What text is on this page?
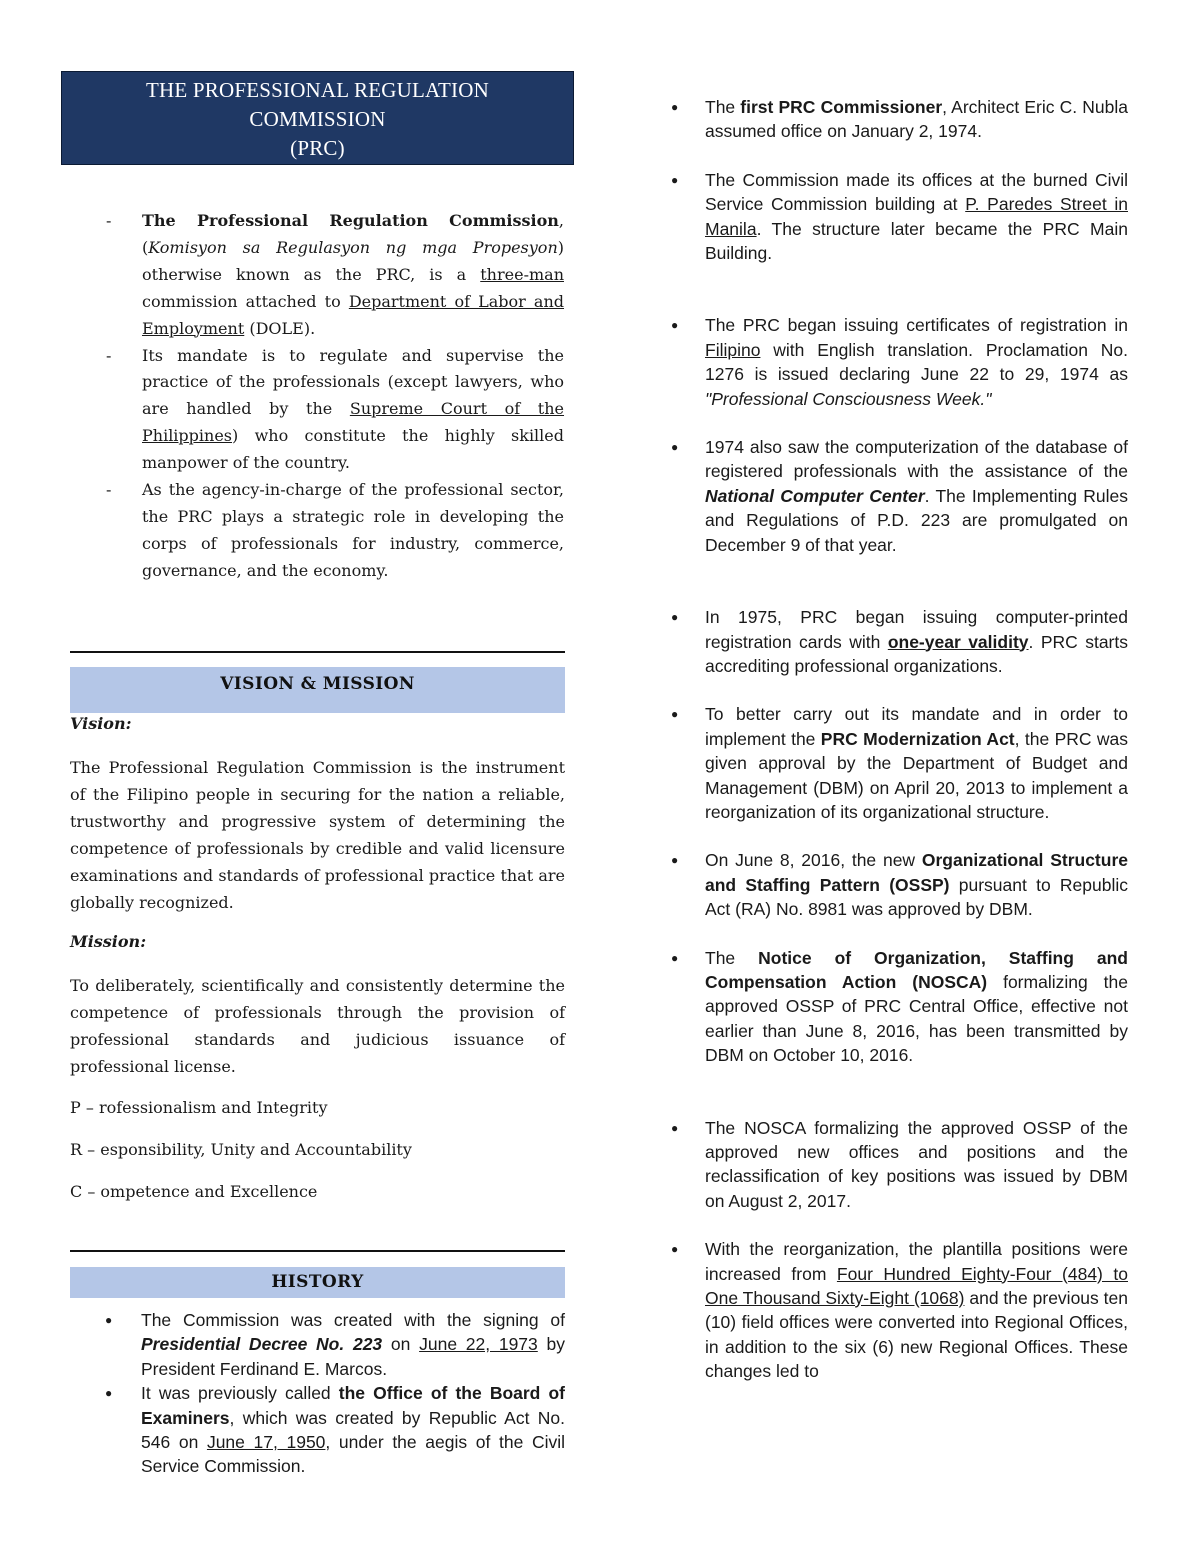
THE PROFESSIONAL REGULATION
COMMISSION
(PRC)
- The Professional Regulation Commission, (Komisyon sa Regulasyon ng mga Propesyon) otherwise known as the PRC, is a three-man commission attached to Department of Labor and Employment (DOLE).
- Its mandate is to regulate and supervise the practice of the professionals (except lawyers, who are handled by the Supreme Court of the Philippines) who constitute the highly skilled manpower of the country.
- As the agency-in-charge of the professional sector, the PRC plays a strategic role in developing the corps of professionals for industry, commerce, governance, and the economy.
VISION & MISSION
Vision:

The Professional Regulation Commission is the instrument of the Filipino people in securing for the nation a reliable, trustworthy and progressive system of determining the competence of professionals by credible and valid licensure examinations and standards of professional practice that are globally recognized.

Mission:

To deliberately, scientifically and consistently determine the competence of professionals through the provision of professional standards and judicious issuance of professional license.

P – rofessionalism and Integrity
R – esponsibility, Unity and Accountability
C – ompetence and Excellence
HISTORY
● The Commission was created with the signing of Presidential Decree No. 223 on June 22, 1973 by President Ferdinand E. Marcos.
● It was previously called the Office of the Board of Examiners, which was created by Republic Act No. 546 on June 17, 1950, under the aegis of the Civil Service Commission.
● The first PRC Commissioner, Architect Eric C. Nubla assumed office on January 2, 1974.
● The Commission made its offices at the burned Civil Service Commission building at P. Paredes Street in Manila. The structure later became the PRC Main Building.
● The PRC began issuing certificates of registration in Filipino with English translation. Proclamation No. 1276 is issued declaring June 22 to 29, 1974 as "Professional Consciousness Week."
● 1974 also saw the computerization of the database of registered professionals with the assistance of the National Computer Center. The Implementing Rules and Regulations of P.D. 223 are promulgated on December 9 of that year.
● In 1975, PRC began issuing computer-printed registration cards with one-year validity. PRC starts accrediting professional organizations.
● To better carry out its mandate and in order to implement the PRC Modernization Act, the PRC was given approval by the Department of Budget and Management (DBM) on April 20, 2013 to implement a reorganization of its organizational structure.
● On June 8, 2016, the new Organizational Structure and Staffing Pattern (OSSP) pursuant to Republic Act (RA) No. 8981 was approved by DBM.
● The Notice of Organization, Staffing and Compensation Action (NOSCA) formalizing the approved OSSP of PRC Central Office, effective not earlier than June 8, 2016, has been transmitted by DBM on October 10, 2016.
● The NOSCA formalizing the approved OSSP of the approved new offices and positions and the reclassification of key positions was issued by DBM on August 2, 2017.
● With the reorganization, the plantilla positions were increased from Four Hundred Eighty-Four (484) to One Thousand Sixty-Eight (1068) and the previous ten (10) field offices were converted into Regional Offices, in addition to the six (6) new Regional Offices. These changes led to
